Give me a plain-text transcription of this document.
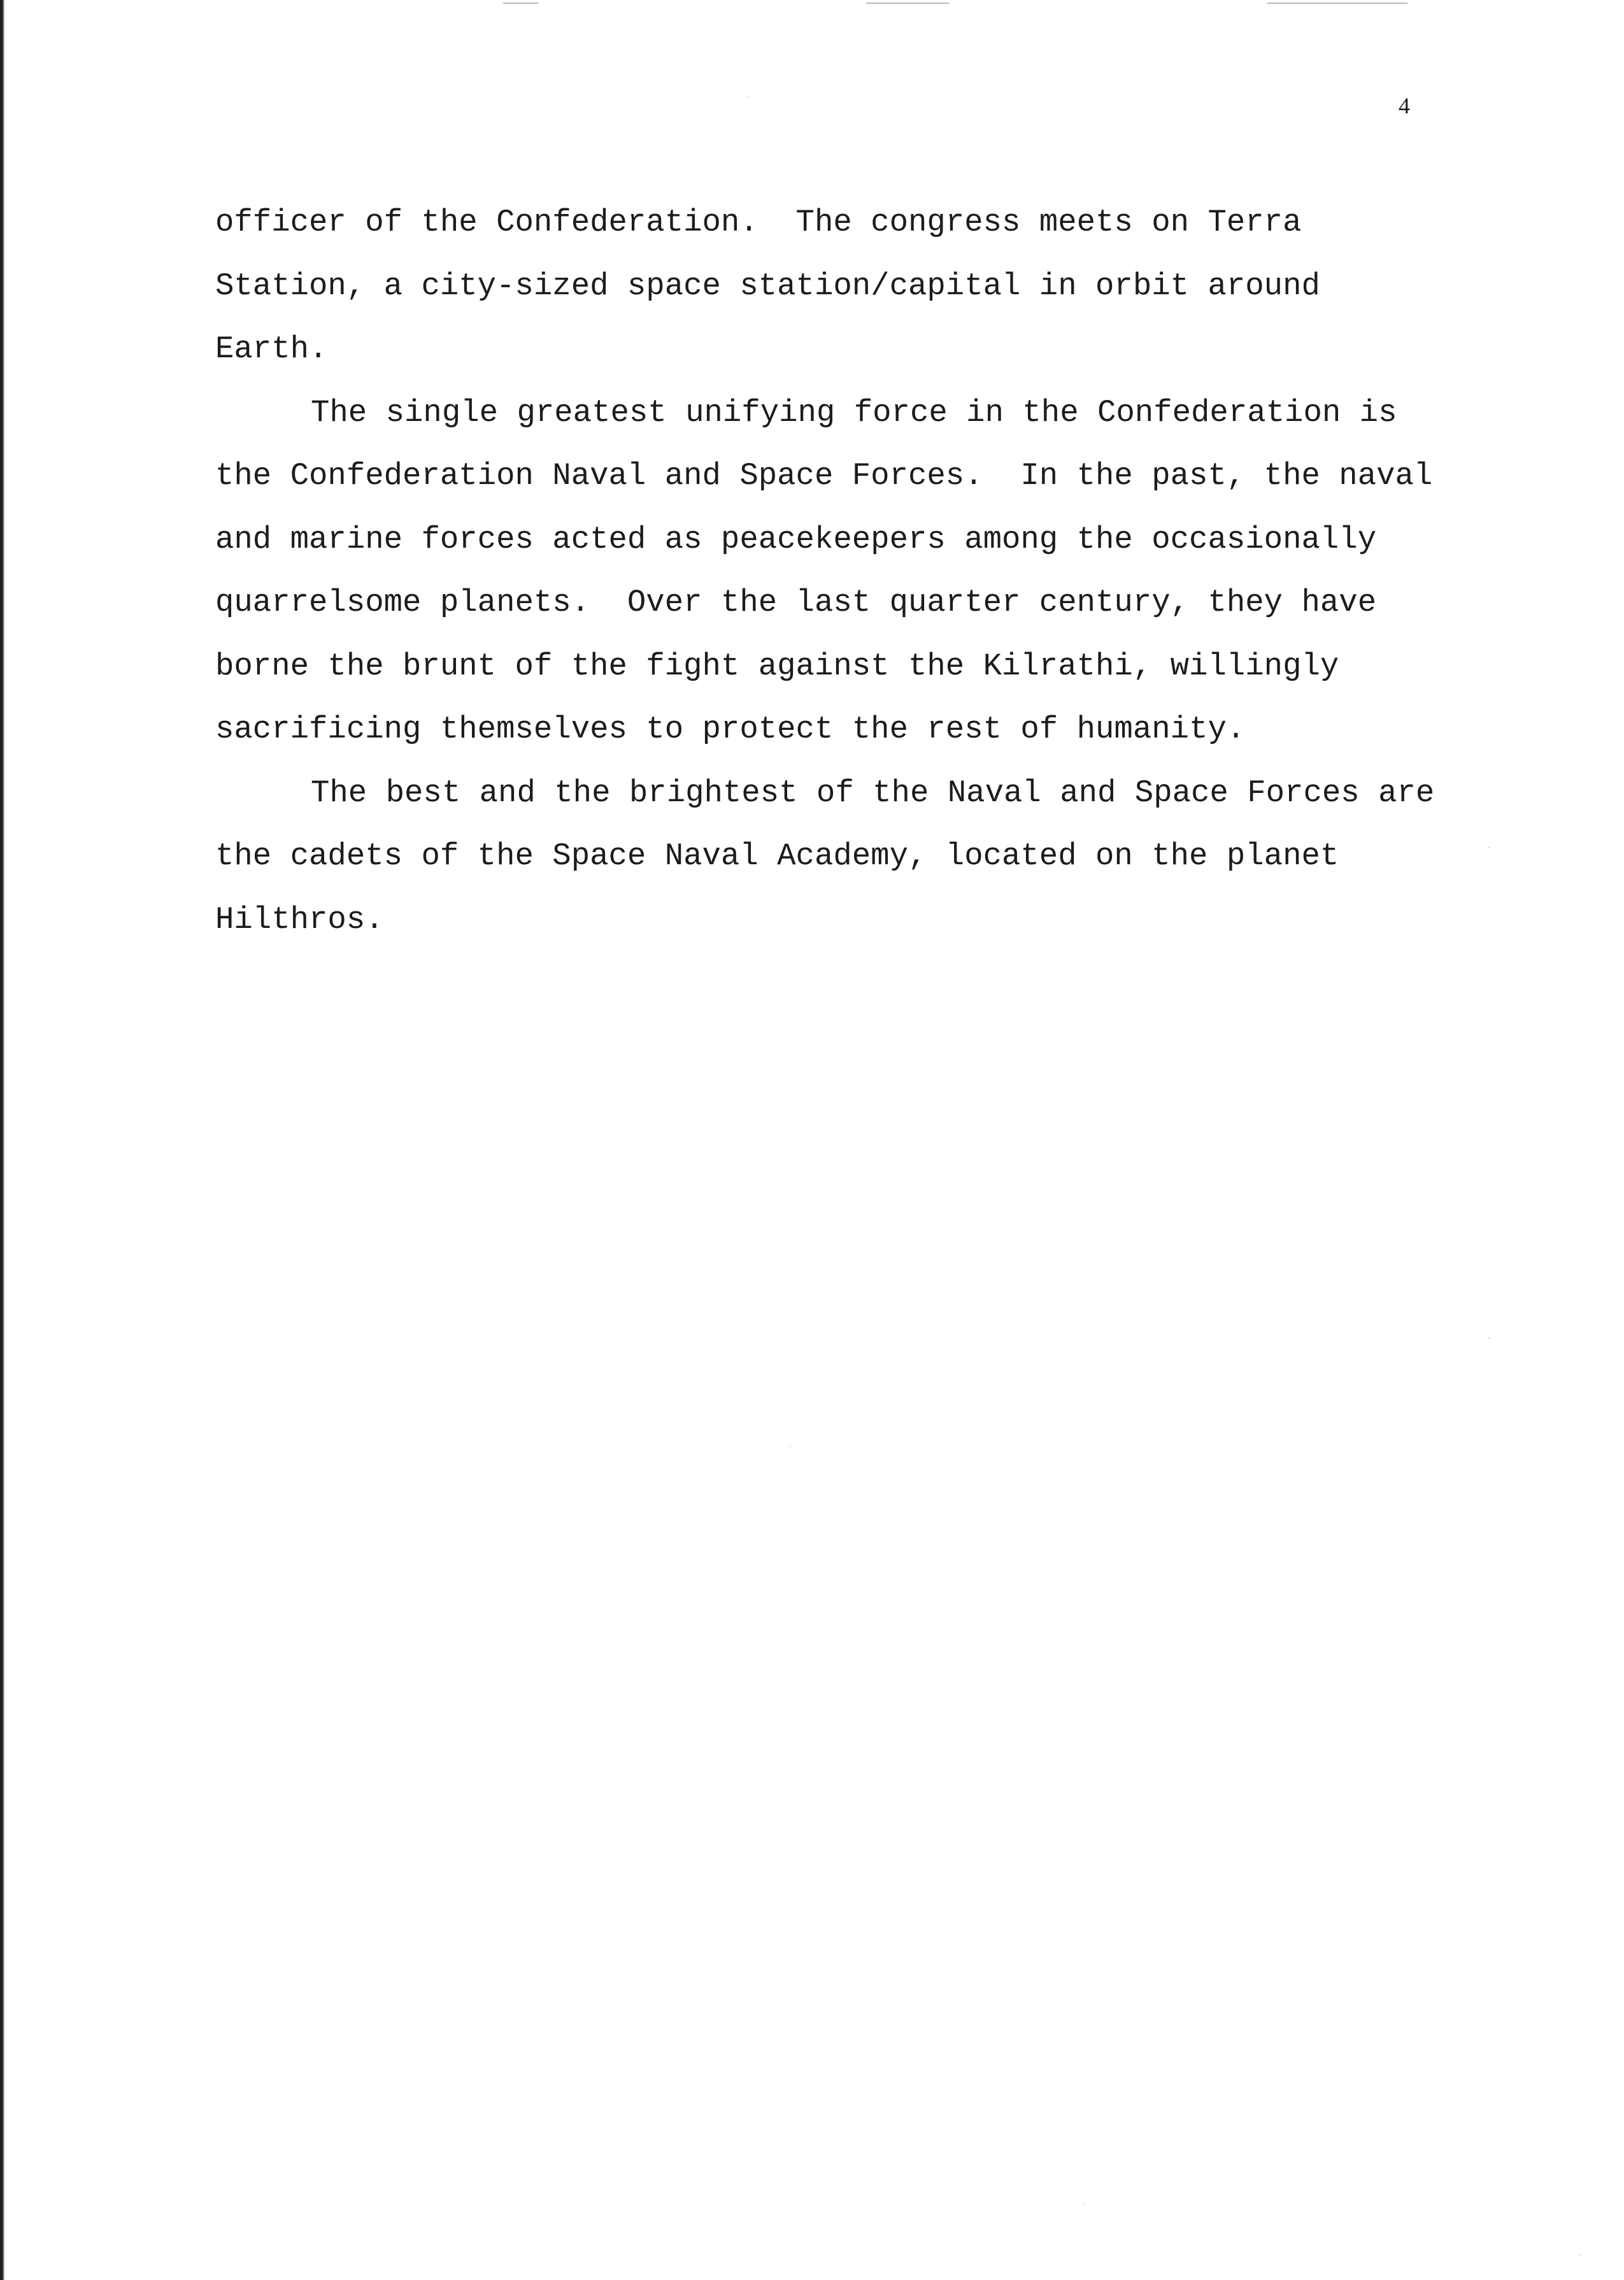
4

officer of the Confederation.  The congress meets on Terra
Station, a city-sized space station/capital in orbit around
Earth.

The single greatest unifying force in the Confederation is
the Confederation Naval and Space Forces.  In the past, the naval
and marine forces acted as peacekeepers among the occasionally
quarrelsome planets.  Over the last quarter century, they have
borne the brunt of the fight against the Kilrathi, willingly
sacrificing themselves to protect the rest of humanity.

The best and the brightest of the Naval and Space Forces are
the cadets of the Space Naval Academy, located on the planet
Hilthros.
